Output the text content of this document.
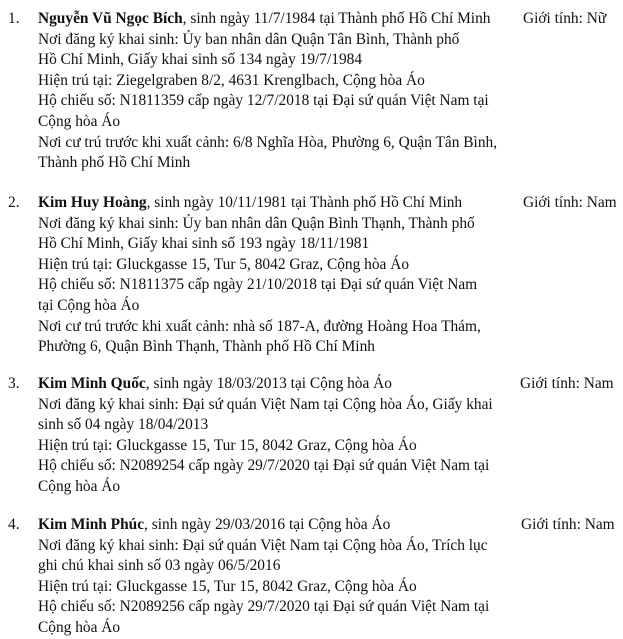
1. Nguyễn Vũ Ngọc Bích, sinh ngày 11/7/1984 tại Thành phố Hồ Chí Minh
Nơi đăng ký khai sinh: Ủy ban nhân dân Quận Tân Bình, Thành phố
Hồ Chí Minh, Giấy khai sinh số 134 ngày 19/7/1984
Hiện trú tại: Ziegelgraben 8/2, 4631 Krenglbach, Cộng hòa Áo
Hộ chiếu số: N1811359 cấp ngày 12/7/2018 tại Đại sứ quán Việt Nam tại
Cộng hòa Áo
Nơi cư trú trước khi xuất cảnh: 6/8 Nghĩa Hòa, Phường 6, Quận Tân Bình,
Thành phố Hồ Chí Minh
Giới tính: Nữ
2. Kim Huy Hoàng, sinh ngày 10/11/1981 tại Thành phố Hồ Chí Minh
Nơi đăng ký khai sinh: Ủy ban nhân dân Quận Bình Thạnh, Thành phố
Hồ Chí Minh, Giấy khai sinh số 193 ngày 18/11/1981
Hiện trú tại: Gluckgasse 15, Tur 5, 8042 Graz, Cộng hòa Áo
Hộ chiếu số: N1811375 cấp ngày 21/10/2018 tại Đại sứ quán Việt Nam
tại Cộng hòa Áo
Nơi cư trú trước khi xuất cảnh: nhà số 187-A, đường Hoàng Hoa Thám,
Phường 6, Quận Bình Thạnh, Thành phố Hồ Chí Minh
Giới tính: Nam
3. Kim Minh Quốc, sinh ngày 18/03/2013 tại Cộng hòa Áo
Nơi đăng ký khai sinh: Đại sứ quán Việt Nam tại Cộng hòa Áo, Giấy khai
sinh số 04 ngày 18/04/2013
Hiện trú tại: Gluckgasse 15, Tur 15, 8042 Graz, Cộng hòa Áo
Hộ chiếu số: N2089254 cấp ngày 29/7/2020 tại Đại sứ quán Việt Nam tại
Cộng hòa Áo
Giới tính: Nam
4. Kim Minh Phúc, sinh ngày 29/03/2016 tại Cộng hòa Áo
Nơi đăng ký khai sinh: Đại sứ quán Việt Nam tại Cộng hòa Áo, Trích lục
ghi chú khai sinh số 03 ngày 06/5/2016
Hiện trú tại: Gluckgasse 15, Tur 15, 8042 Graz, Cộng hòa Áo
Hộ chiếu số: N2089256 cấp ngày 29/7/2020 tại Đại sứ quán Việt Nam tại
Cộng hòa Áo
Giới tính: Nam
